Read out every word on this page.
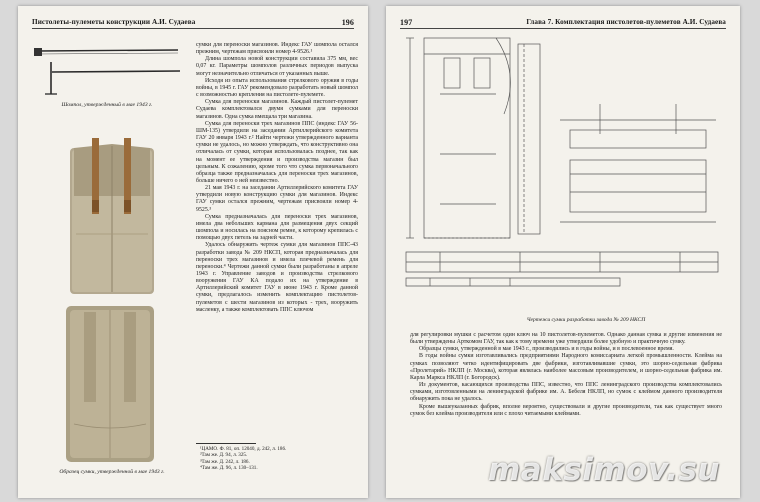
Пистолеты-пулеметы конструкции А.И. Судаева	196
Шомпол, утвержденный в мае 1943 г.
Образец сумки, утвержденной в мае 1943 г.

сумки для переноски магазинов. Индекс ГАУ шомпола остался прежним, чертежам присвоили номер 4-9526.¹

Длина шомпола новой конструкции составила 375 мм, вес 0,07 кг. Параметры шомполов различных периодов выпуска могут незначительно отличаться от указанных выше.

Исходя из опыта использования стрелкового оружия в годы войны, в 1945 г. ГАУ рекомендовало разработать новый шомпол с возможностью крепления на пистолете-пулемете.

Сумка для переноски магазинов. Каждый пистолет-пулемет Судаева комплектовался двумя сумками для переноски магазинов. Одна сумка вмещала три магазина.

Сумка для переноски трех магазинов ППС (индекс ГАУ 56-ШМ-135) утвердили на заседании Артиллерийского комитета ГАУ 20 января 1943 г.² Найти чертежи утвержденного варианта сумки не удалось, но можно утверждать, что конструктивно она отличалась от сумки, которая использовалась позднее, так как на момент ее утверждения и производства магазин был цельным. К сожалению, кроме того что сумка первоначального образца также предназначалась для переноски трех магазинов, больше ничего о ней неизвестно.

21 мая 1943 г. на заседании Артиллерийского комитета ГАУ утвердили новую конструкцию сумки для магазинов. Индекс ГАУ сумки остался прежним, чертежам присвоили номер 4-9525.³

Сумка предназначалась для переноски трех магазинов, имела два небольших кармана для размещения двух секций шомпола и носилась на поясном ремне, к которому крепилась с помощью двух петель на задней части.

Удалось обнаружить чертеж сумки для магазинов ППС-43 разработки завода № 209 НКСП, которая предназначалась для переноски трех магазинов и имела плечевой ремень для переноски.⁴ Чертежи данной сумки были разработаны в апреле 1943 г. Управление заводов и производства стрелкового вооружения ГАУ КА подало их на утверждение в Артиллерийский комитет ГАУ в июне 1943 г. Кроме данной сумки, предлагалось изменить комплектацию пистолетов-пулеметов с шести магазинов из которых - трех, вооружить масленку, а также комплектовать ППС ключом

¹ЦАМО. Ф. 81, оп. 12040, д. 242, л. 186.
²Там же. Д. 94, л. 325.
³Там же. Д. 242, л. 186.
⁴Там же. Д. 96, л. 130–131.
197	Глава 7. Комплектация пистолетов-пулеметов А.И. Судаева
Чертежи сумки разработки завода № 209 НКСП

для регулировки мушки с расчетом один ключ на 10 пистолетов-пулеметов. Однако данная сумка и другие изменения не были утверждены Арткомом ГАУ, так как к тому времени уже утвердили более удобную и практичную сумку.

Образцы сумки, утвержденной в мае 1943 г., производились и в годы войны, и в послевоенное время.

В годы войны сумки изготавливались предприятиями Народного комиссариата легкой промышленности. Клейма на сумках позволяют четко идентифицировать две фабрики, изготавливавшие сумки, это шорно-седельная фабрика «Пролетарий» НКЛП (г. Москва), которая являлась наиболее массовым производителем, и шорно-седельная фабрика им. Карла Маркса НКЛП (г. Богородск).

Из документов, касающихся производства ППС, известно, что ППС ленинградского производства комплектовались сумками, изготовленными на ленинградской фабрике им. А. Бебеля НКЛП, но сумок с клеймом данного производителя обнаружить пока не удалось.

Кроме вышеуказанных фабрик, вполне вероятно, существовали и другие производители, так как существует много сумок без клейма производителя или с плохо читаемыми клеймами.

maksimov.su
